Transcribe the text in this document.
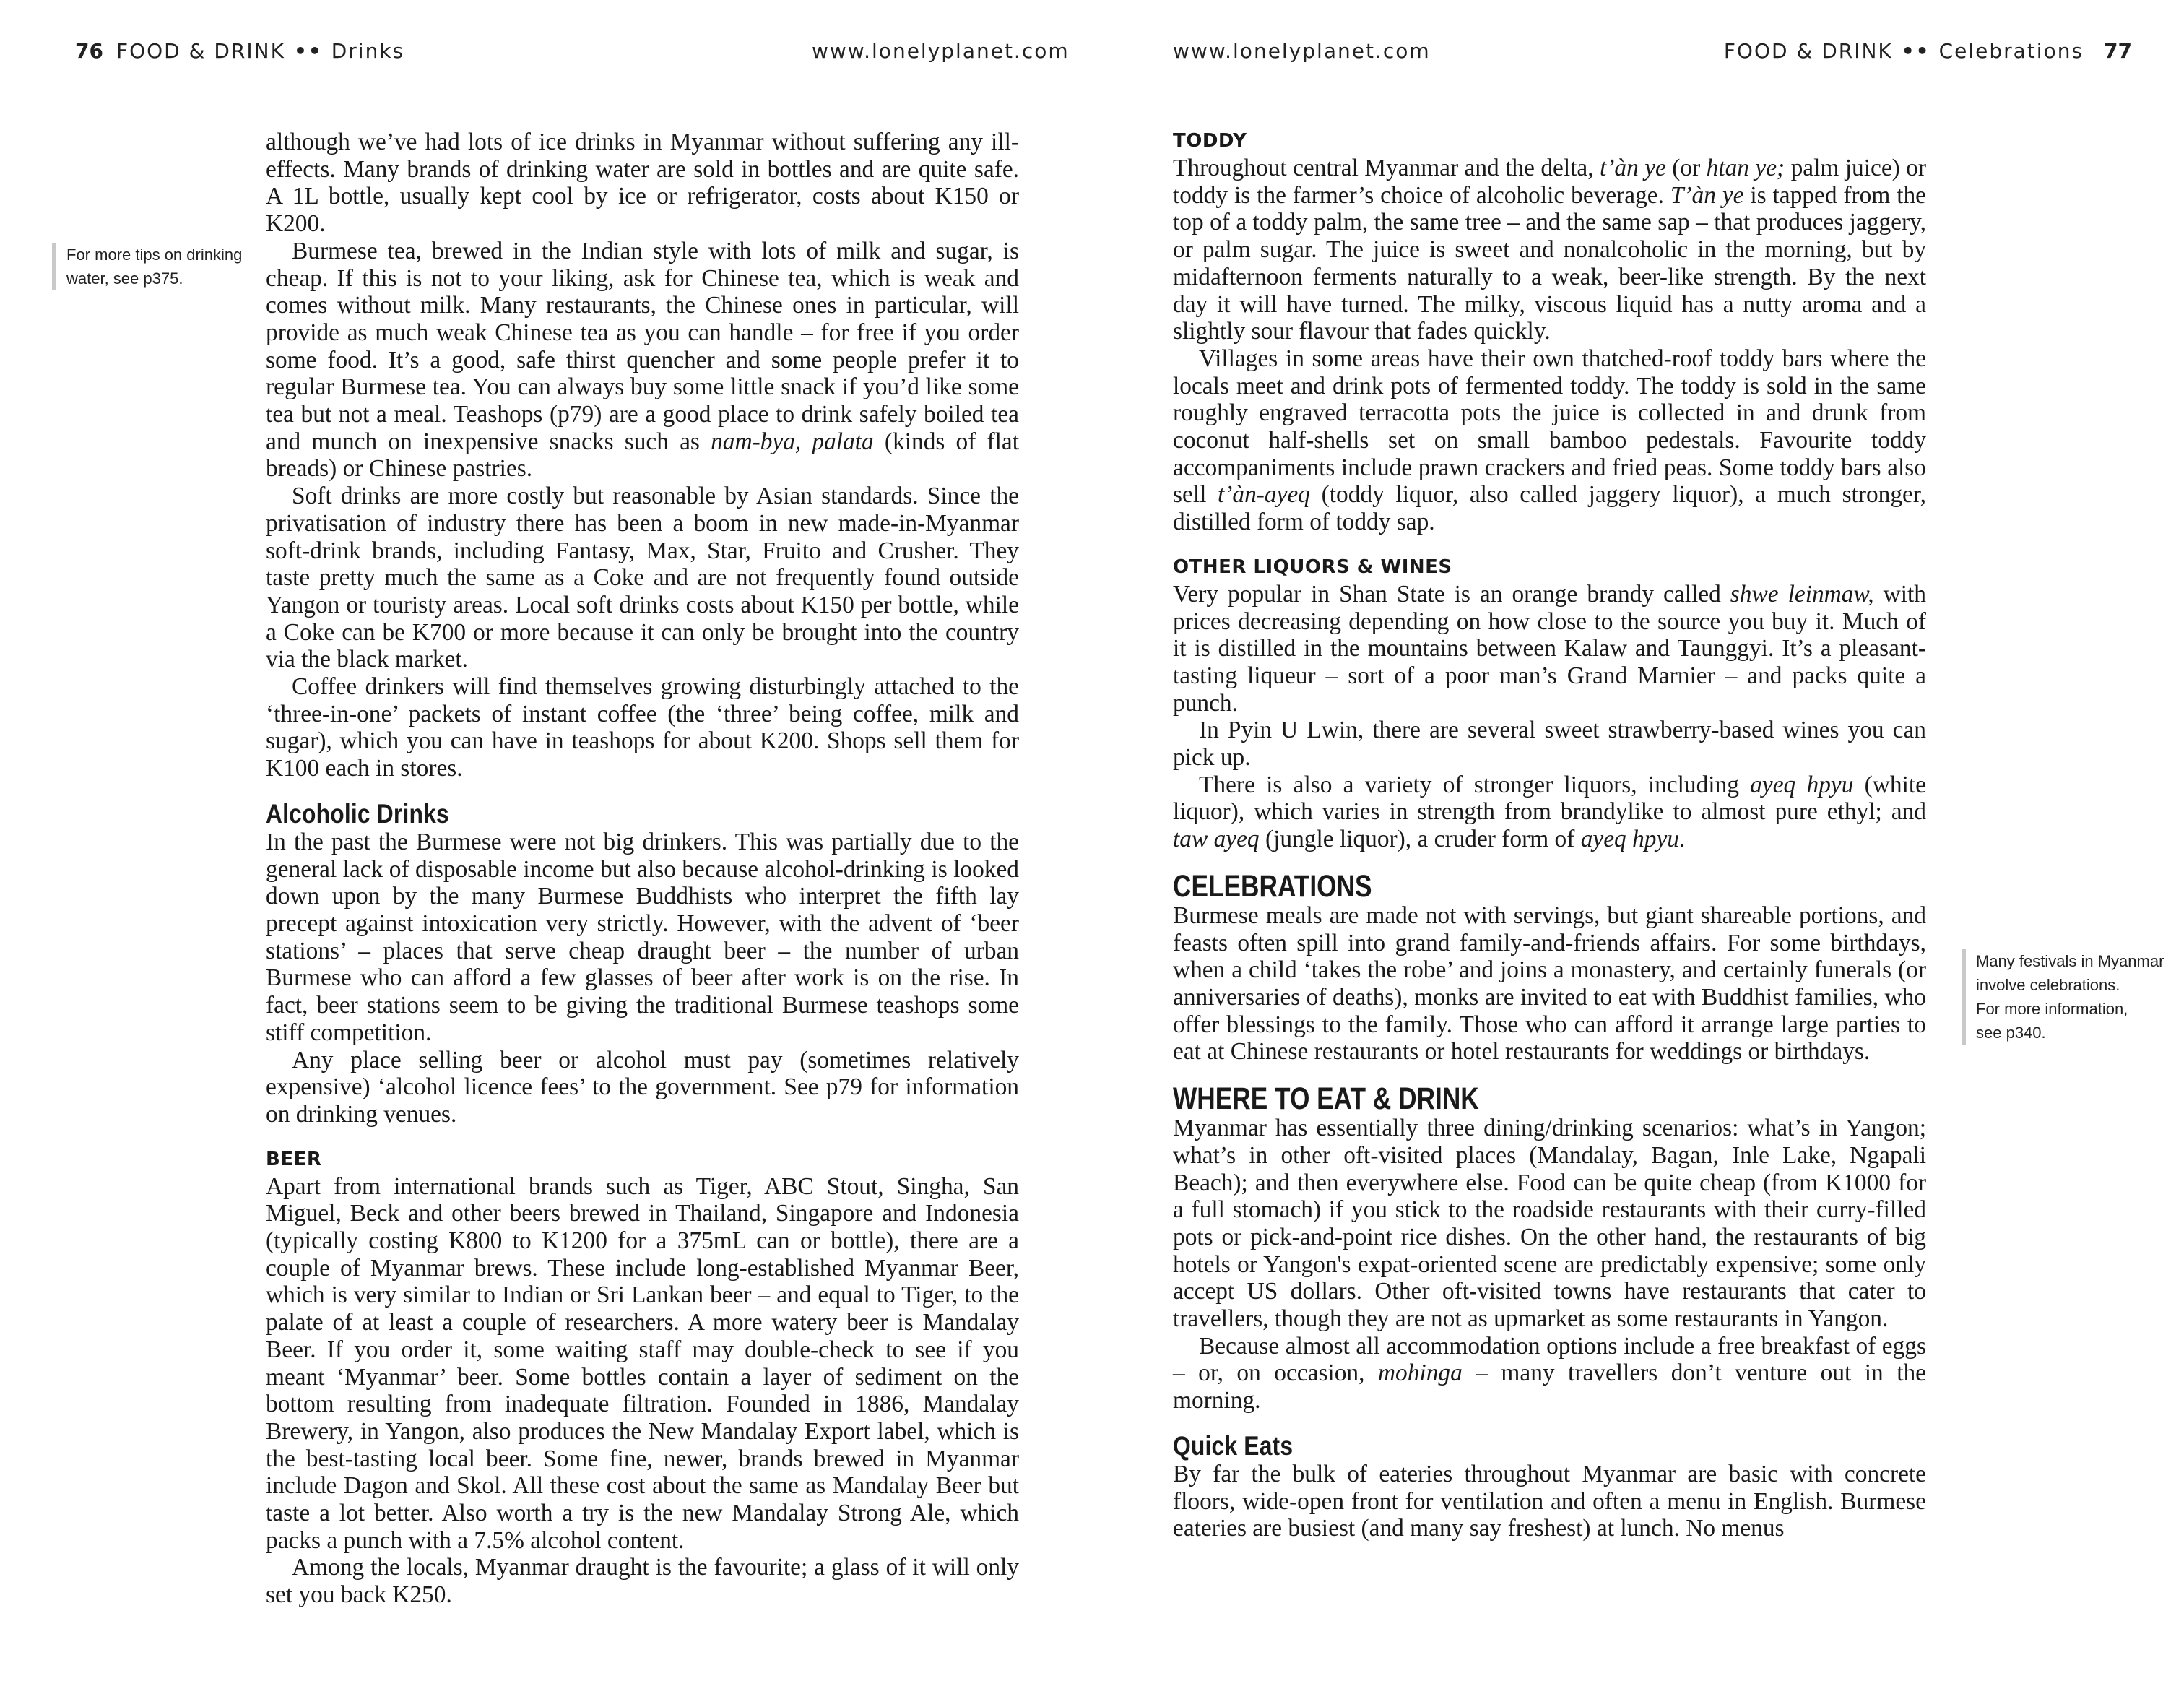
76 FOOD & DRINK •• Drinks	www.lonelyplanet.com	www.lonelyplanet.com	FOOD & DRINK •• Celebrations 77
For more tips on drinking
water, see p375.
Many festivals in Myanmar
involve celebrations.
For more information,
see p340.

although we’ve had lots of ice drinks in Myanmar without suffering any ill-effects. Many brands of drinking water are sold in bottles and are quite safe. A 1L bottle, usually kept cool by ice or refrigerator, costs about K150 or K200.

Burmese tea, brewed in the Indian style with lots of milk and sugar, is cheap. If this is not to your liking, ask for Chinese tea, which is weak and comes without milk. Many restaurants, the Chinese ones in particular, will provide as much weak Chinese tea as you can handle – for free if you order some food. It’s a good, safe thirst quencher and some people prefer it to regular Burmese tea. You can always buy some little snack if you’d like some tea but not a meal. Teashops (p79) are a good place to drink safely boiled tea and munch on inexpensive snacks such as nam-bya, palata (kinds of flat breads) or Chinese pastries.

Soft drinks are more costly but reasonable by Asian standards. Since the privatisation of industry there has been a boom in new made-in-Myanmar soft-drink brands, including Fantasy, Max, Star, Fruito and Crusher. They taste pretty much the same as a Coke and are not frequently found outside Yangon or touristy areas. Local soft drinks costs about K150 per bottle, while a Coke can be K700 or more because it can only be brought into the country via the black market.

Coffee drinkers will find themselves growing disturbingly attached to the ‘three-in-one’ packets of instant coffee (the ‘three’ being coffee, milk and sugar), which you can have in teashops for about K200. Shops sell them for K100 each in stores.

Alcoholic Drinks

In the past the Burmese were not big drinkers. This was partially due to the general lack of disposable income but also because alcohol-drinking is looked down upon by the many Burmese Buddhists who interpret the fifth lay precept against intoxication very strictly. However, with the advent of ‘beer stations’ – places that serve cheap draught beer – the number of urban Burmese who can afford a few glasses of beer after work is on the rise. In fact, beer stations seem to be giving the traditional Burmese teashops some stiff competition.

Any place selling beer or alcohol must pay (sometimes relatively expensive) ‘alcohol licence fees’ to the government. See p79 for information on drinking venues.

BEER

Apart from international brands such as Tiger, ABC Stout, Singha, San Miguel, Beck and other beers brewed in Thailand, Singapore and Indonesia (typically costing K800 to K1200 for a 375mL can or bottle), there are a couple of Myanmar brews. These include long-established Myanmar Beer, which is very similar to Indian or Sri Lankan beer – and equal to Tiger, to the palate of at least a couple of researchers. A more watery beer is Mandalay Beer. If you order it, some waiting staff may double-check to see if you meant ‘Myanmar’ beer. Some bottles contain a layer of sediment on the bottom resulting from inadequate filtration. Founded in 1886, Mandalay Brewery, in Yangon, also produces the New Mandalay Export label, which is the best-tasting local beer. Some fine, newer, brands brewed in Myanmar include Dagon and Skol. All these cost about the same as Mandalay Beer but taste a lot better. Also worth a try is the new Mandalay Strong Ale, which packs a punch with a 7.5% alcohol content.

Among the locals, Myanmar draught is the favourite; a glass of it will only set you back K250.

TODDY

Throughout central Myanmar and the delta, t’àn ye (or htan ye; palm juice) or toddy is the farmer’s choice of alcoholic beverage. T’àn ye is tapped from the top of a toddy palm, the same tree – and the same sap – that produces jaggery, or palm sugar. The juice is sweet and nonalcoholic in the morning, but by midafternoon ferments naturally to a weak, beer-like strength. By the next day it will have turned. The milky, viscous liquid has a nutty aroma and a slightly sour flavour that fades quickly.

Villages in some areas have their own thatched-roof toddy bars where the locals meet and drink pots of fermented toddy. The toddy is sold in the same roughly engraved terracotta pots the juice is collected in and drunk from coconut half-shells set on small bamboo pedestals. Favourite toddy accompaniments include prawn crackers and fried peas. Some toddy bars also sell t’àn-ayeq (toddy liquor, also called jaggery liquor), a much stronger, distilled form of toddy sap.

OTHER LIQUORS & WINES

Very popular in Shan State is an orange brandy called shwe leinmaw, with prices decreasing depending on how close to the source you buy it. Much of it is distilled in the mountains between Kalaw and Taunggyi. It’s a pleasant-tasting liqueur – sort of a poor man’s Grand Marnier – and packs quite a punch.

In Pyin U Lwin, there are several sweet strawberry-based wines you can pick up.

There is also a variety of stronger liquors, including ayeq hpyu (white liquor), which varies in strength from brandylike to almost pure ethyl; and taw ayeq (jungle liquor), a cruder form of ayeq hpyu.

CELEBRATIONS

Burmese meals are made not with servings, but giant shareable portions, and feasts often spill into grand family-and-friends affairs. For some birthdays, when a child ‘takes the robe’ and joins a monastery, and certainly funerals (or anniversaries of deaths), monks are invited to eat with Buddhist families, who offer blessings to the family. Those who can afford it arrange large parties to eat at Chinese restaurants or hotel restaurants for weddings or birthdays.

WHERE TO EAT & DRINK

Myanmar has essentially three dining/drinking scenarios: what’s in Yangon; what’s in other oft-visited places (Mandalay, Bagan, Inle Lake, Ngapali Beach); and then everywhere else. Food can be quite cheap (from K1000 for a full stomach) if you stick to the roadside restaurants with their curry-filled pots or pick-and-point rice dishes. On the other hand, the restaurants of big hotels or Yangon's expat-oriented scene are predictably expensive; some only accept US dollars. Other oft-visited towns have restaurants that cater to travellers, though they are not as upmarket as some restaurants in Yangon.

Because almost all accommodation options include a free breakfast of eggs – or, on occasion, mohinga – many travellers don’t venture out in the morning.

Quick Eats

By far the bulk of eateries throughout Myanmar are basic with concrete floors, wide-open front for ventilation and often a menu in English. Burmese eateries are busiest (and many say freshest) at lunch. No menus
